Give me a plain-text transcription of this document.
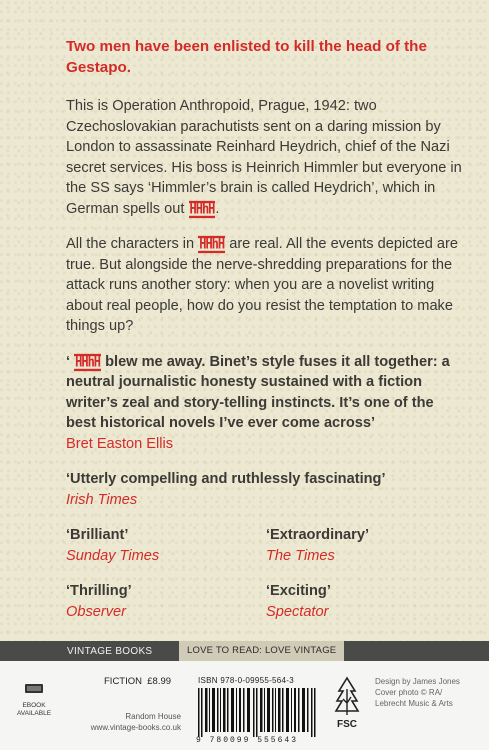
Two men have been enlisted to kill the head of the Gestapo.

This is Operation Anthropoid, Prague, 1942: two Czechoslovakian parachutists sent on a daring mission by London to assassinate Reinhard Heydrich, chief of the Nazi secret services. His boss is Heinrich Himmler but everyone in the SS says ‘Himmler’s brain is called Heydrich’, which in German spells out HHhH.

All the characters in HHhH are real. All the events depicted are true. But alongside the nerve-shredding preparations for the attack runs another story: when you are a novelist writing about real people, how do you resist the temptation to make things up?

‘ HHhH blew me away. Binet’s style fuses it all together: a neutral journalistic honesty sustained with a fiction writer’s zeal and story-telling instincts. It’s one of the best historical novels I’ve ever come across’
Bret Easton Ellis

‘Utterly compelling and ruthlessly fascinating’
Irish Times

‘Brilliant’
Sunday Times

‘Extraordinary’
The Times

‘Thrilling’
Observer

‘Exciting’
Spectator

VINTAGE BOOKS	LOVE TO READ: LOVE VINTAGE
EBOOK
AVAILABLE
FICTION  £8.99
Random House
www.vintage-books.co.uk
ISBN 978-0-09955-564-3
9 780099 555643
FSC
Design by James Jones
Cover photo © RA/
Lebrecht Music & Arts
